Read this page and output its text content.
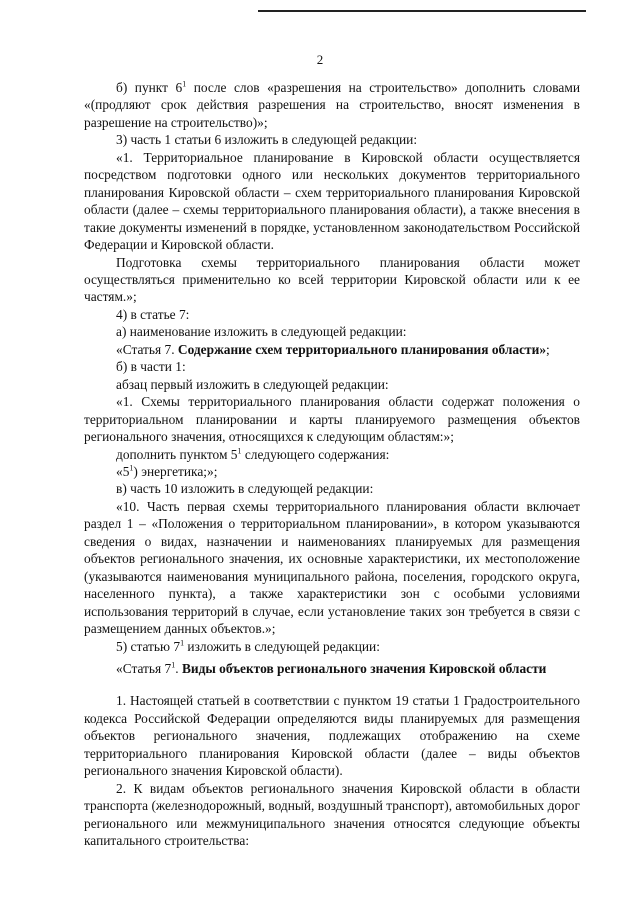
2

б) пункт $6^1$ после слов «разрешения на строительство» дополнить словами «(продляют срок действия разрешения на строительство, вносят изменения в разрешение на строительство)»;

3) часть 1 статьи 6 изложить в следующей редакции:

«1. Территориальное планирование в Кировской области осуществляется посредством подготовки одного или нескольких документов территориального планирования Кировской области – схем территориального планирования Кировской области (далее – схемы территориального планирования области), а также внесения в такие документы изменений в порядке, установленном законодательством Российской Федерации и Кировской области.

Подготовка схемы территориального планирования области может осуществляться применительно ко всей территории Кировской области или к ее частям.»;

4) в статье 7:

а) наименование изложить в следующей редакции:

«Статья 7. Содержание схем территориального планирования области»;

б) в части 1:

абзац первый изложить в следующей редакции:

«1. Схемы территориального планирования области содержат положения о территориальном планировании и карты планируемого размещения объектов регионального значения, относящихся к следующим областям:»;

дополнить пунктом $5^1$ следующего содержания:

«$5^1$) энергетика;»;

в) часть 10 изложить в следующей редакции:

«10. Часть первая схемы территориального планирования области включает раздел 1 – «Положения о территориальном планировании», в котором указываются сведения о видах, назначении и наименованиях планируемых для размещения объектов регионального значения, их основные характеристики, их местоположение (указываются наименования муниципального района, поселения, городского округа, населенного пункта), а также характеристики зон с особыми условиями использования территорий в случае, если установление таких зон требуется в связи с размещением данных объектов.»;

5) статью $7^1$ изложить в следующей редакции:

«Статья $7^1$. Виды объектов регионального значения Кировской области

1. Настоящей статьей в соответствии с пунктом 19 статьи 1 Градостроительного кодекса Российской Федерации определяются виды планируемых для размещения объектов регионального значения, подлежащих отображению на схеме территориального планирования Кировской области (далее – виды объектов регионального значения Кировской области).

2. К видам объектов регионального значения Кировской области в области транспорта (железнодорожный, водный, воздушный транспорт), автомобильных дорог регионального или межмуниципального значения относятся следующие объекты капитального строительства:
